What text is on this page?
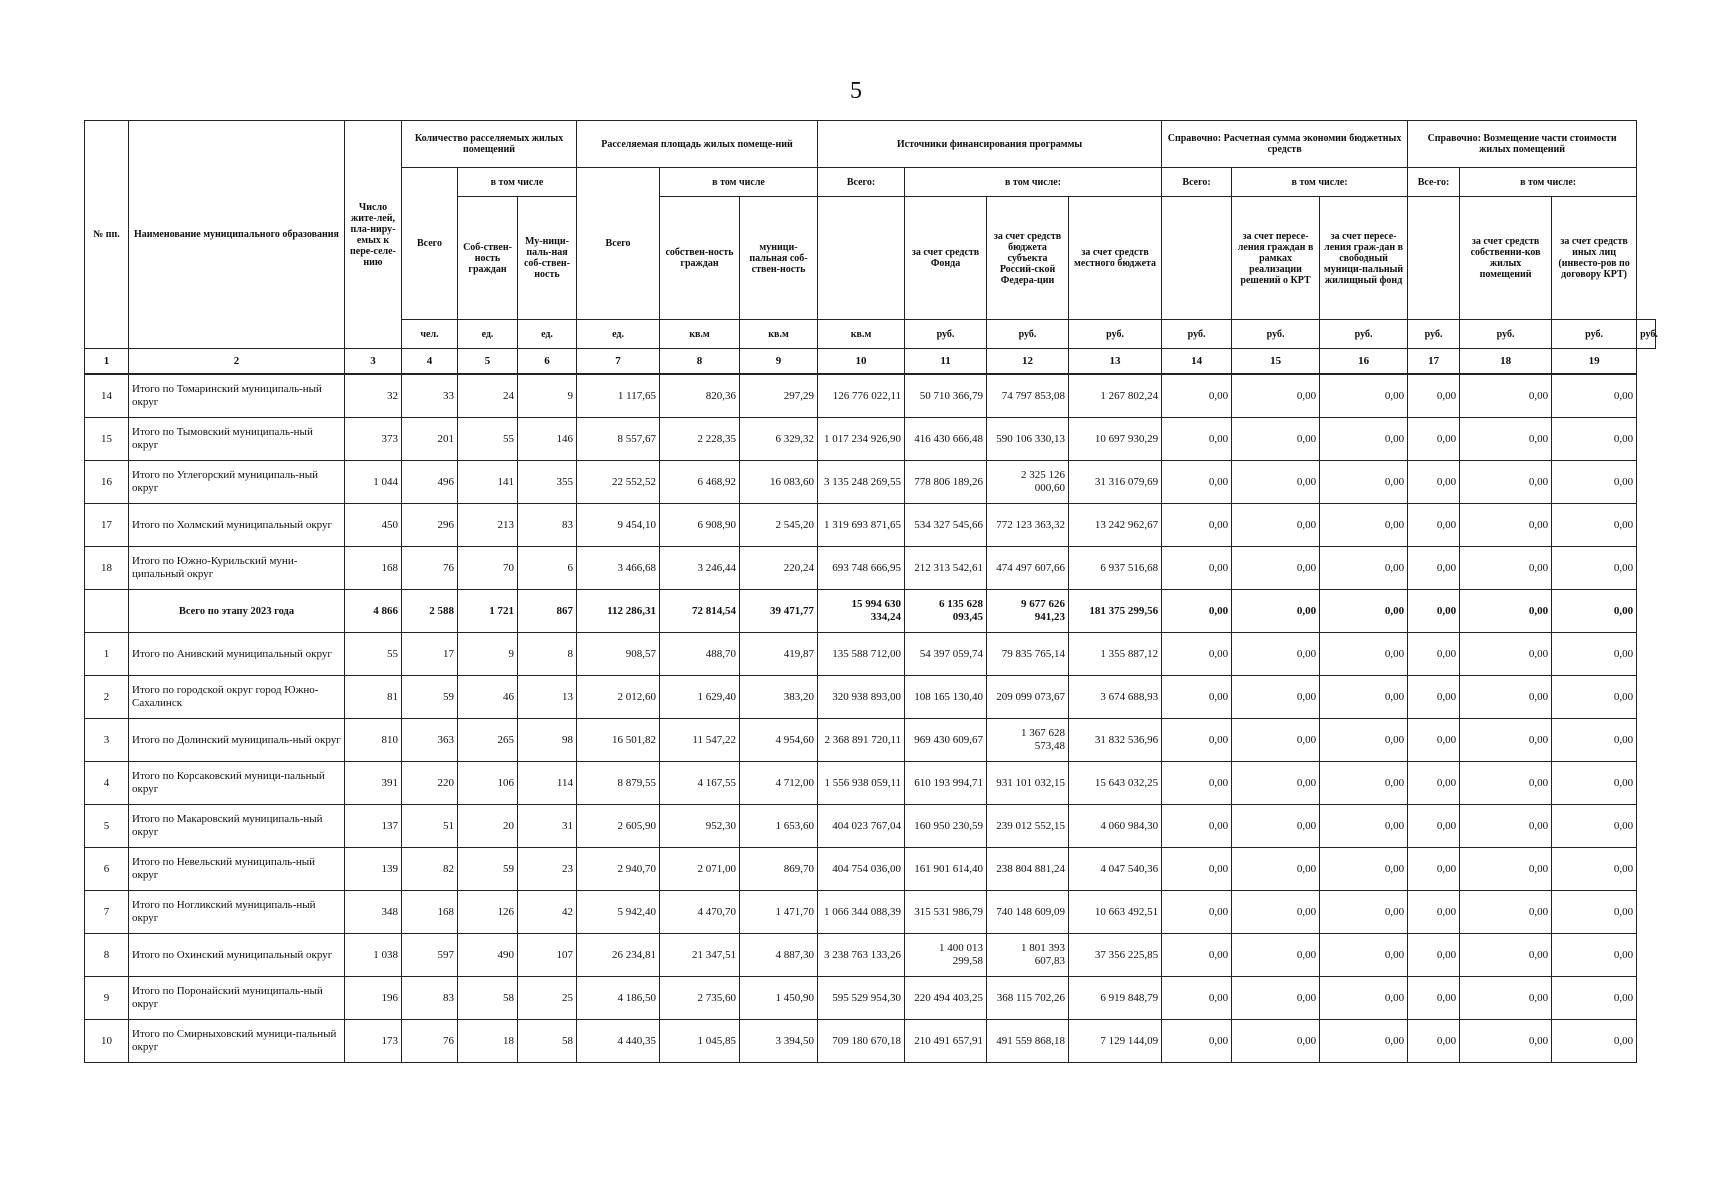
5
№ пп.	Наименование муниципального образования	Число жите-лей, пла-ниру-емых к пере-селе-нию	Количество расселяемых жилых помещений			Расселяемая площадь жилых помеще-ний			Источники финансирования программы				Справочно: Расчетная сумма экономии бюджетных средств			Справочно: Возмещение части стоимости жилых помещений			
			Всего	в том числе		Всего	в том числе		Всего:	в том числе:			Всего:	в том числе:		Все-го:	в том числе:		
				Соб-ствен-ность граждан	Му-ници-паль-ная соб-ствен-ность		собствен-ность граждан	муници-пальная соб-ствен-ность		за счет средств Фонда	за счет средств бюджета субъекта Россий-ской Федера-ции	за счет средств местного бюджета		за счет пересе-ления граждан в рамках реализации решений о КРТ	за счет пересе-ления граж-дан в свободный муници-пальный жилищный фонд		за счет средств собственни-ков жилых помещений	за счет средств иных лиц (инвесто-ров по договору КРТ)	
			чел.	ед.	ед.	ед.	кв.м	кв.м	кв.м	руб.	руб.	руб.	руб.	руб.	руб.	руб.	руб.	руб.	руб.
1	2	3	4	5	6	7	8	9	10	11	12	13	14	15	16	17	18	19	
14	Итого по Томаринский муниципаль-ный округ	32	33	24	9	1 117,65	820,36	297,29	126 776 022,11	50 710 366,79	74 797 853,08	1 267 802,24	0,00	0,00	0,00	0,00	0,00	0,00	
15	Итого по Тымовский муниципаль-ный округ	373	201	55	146	8 557,67	2 228,35	6 329,32	1 017 234 926,90	416 430 666,48	590 106 330,13	10 697 930,29	0,00	0,00	0,00	0,00	0,00	0,00	
16	Итого по Углегорский муниципаль-ный округ	1 044	496	141	355	22 552,52	6 468,92	16 083,60	3 135 248 269,55	778 806 189,26	2 325 126 000,60	31 316 079,69	0,00	0,00	0,00	0,00	0,00	0,00	
17	Итого по Холмский муниципальный округ	450	296	213	83	9 454,10	6 908,90	2 545,20	1 319 693 871,65	534 327 545,66	772 123 363,32	13 242 962,67	0,00	0,00	0,00	0,00	0,00	0,00	
18	Итого по Южно-Курильский муни-ципальный округ	168	76	70	6	3 466,68	3 246,44	220,24	693 748 666,95	212 313 542,61	474 497 607,66	6 937 516,68	0,00	0,00	0,00	0,00	0,00	0,00	
	Всего по этапу 2023 года	4 866	2 588	1 721	867	112 286,31	72 814,54	39 471,77	15 994 630 334,24	6 135 628 093,45	9 677 626 941,23	181 375 299,56	0,00	0,00	0,00	0,00	0,00	0,00	
1	Итого по Анивский муниципальный округ	55	17	9	8	908,57	488,70	419,87	135 588 712,00	54 397 059,74	79 835 765,14	1 355 887,12	0,00	0,00	0,00	0,00	0,00	0,00	
2	Итого по городской округ город Южно-Сахалинск	81	59	46	13	2 012,60	1 629,40	383,20	320 938 893,00	108 165 130,40	209 099 073,67	3 674 688,93	0,00	0,00	0,00	0,00	0,00	0,00	
3	Итого по Долинский муниципаль-ный округ	810	363	265	98	16 501,82	11 547,22	4 954,60	2 368 891 720,11	969 430 609,67	1 367 628 573,48	31 832 536,96	0,00	0,00	0,00	0,00	0,00	0,00	
4	Итого по Корсаковский муници-пальный округ	391	220	106	114	8 879,55	4 167,55	4 712,00	1 556 938 059,11	610 193 994,71	931 101 032,15	15 643 032,25	0,00	0,00	0,00	0,00	0,00	0,00	
5	Итого по Макаровский муниципаль-ный округ	137	51	20	31	2 605,90	952,30	1 653,60	404 023 767,04	160 950 230,59	239 012 552,15	4 060 984,30	0,00	0,00	0,00	0,00	0,00	0,00	
6	Итого по Невельский муниципаль-ный округ	139	82	59	23	2 940,70	2 071,00	869,70	404 754 036,00	161 901 614,40	238 804 881,24	4 047 540,36	0,00	0,00	0,00	0,00	0,00	0,00	
7	Итого по Ногликский муниципаль-ный округ	348	168	126	42	5 942,40	4 470,70	1 471,70	1 066 344 088,39	315 531 986,79	740 148 609,09	10 663 492,51	0,00	0,00	0,00	0,00	0,00	0,00	
8	Итого по Охинский муниципальный округ	1 038	597	490	107	26 234,81	21 347,51	4 887,30	3 238 763 133,26	1 400 013 299,58	1 801 393 607,83	37 356 225,85	0,00	0,00	0,00	0,00	0,00	0,00	
9	Итого по Поронайский муниципаль-ный округ	196	83	58	25	4 186,50	2 735,60	1 450,90	595 529 954,30	220 494 403,25	368 115 702,26	6 919 848,79	0,00	0,00	0,00	0,00	0,00	0,00	
10	Итого по Смирныховский муници-пальный округ	173	76	18	58	4 440,35	1 045,85	3 394,50	709 180 670,18	210 491 657,91	491 559 868,18	7 129 144,09	0,00	0,00	0,00	0,00	0,00	0,00	
